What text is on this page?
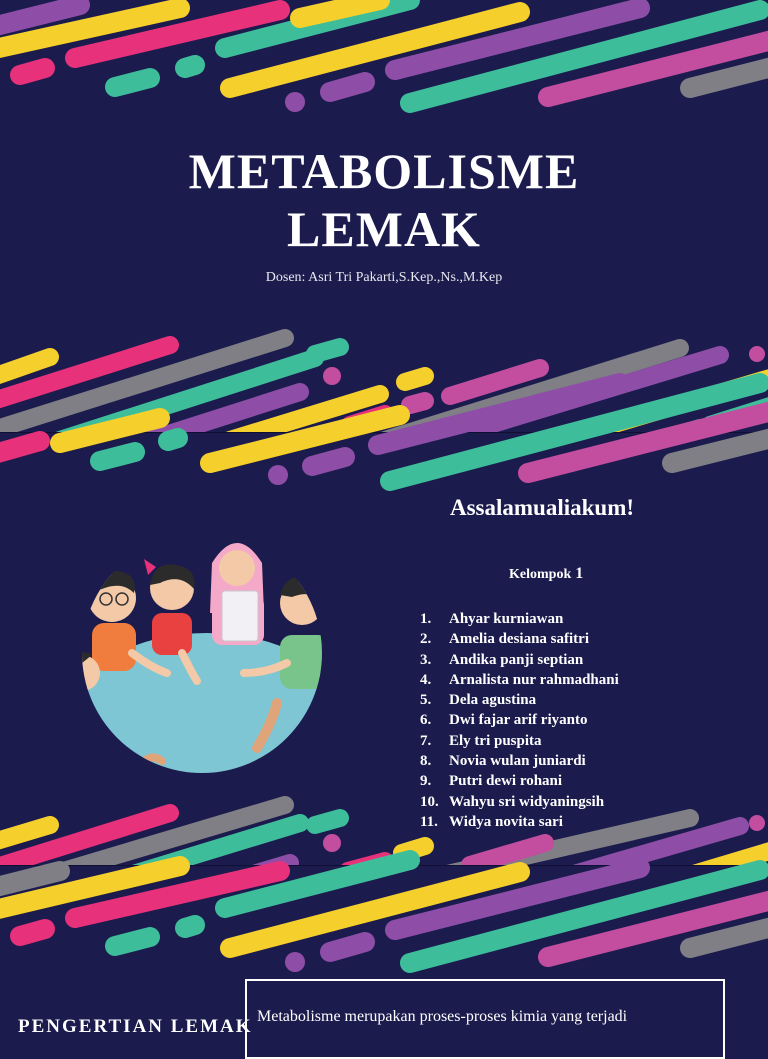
METABOLISME
LEMAK
Dosen: Asri Tri Pakarti,S.Kep.,Ns.,M.Kep
Assalamualiakum!
Kelompok 1
1. Ahyar kurniawan
2. Amelia desiana safitri
3. Andika panji septian
4. Arnalista nur rahmadhani
5. Dela agustina
6. Dwi fajar arif riyanto
7. Ely tri puspita
8. Novia wulan juniardi
9. Putri dewi rohani
10. Wahyu sri widyaningsih
11. Widya novita sari
PENGERTIAN LEMAK Metabolisme merupakan proses-proses kimia yang terjadi
